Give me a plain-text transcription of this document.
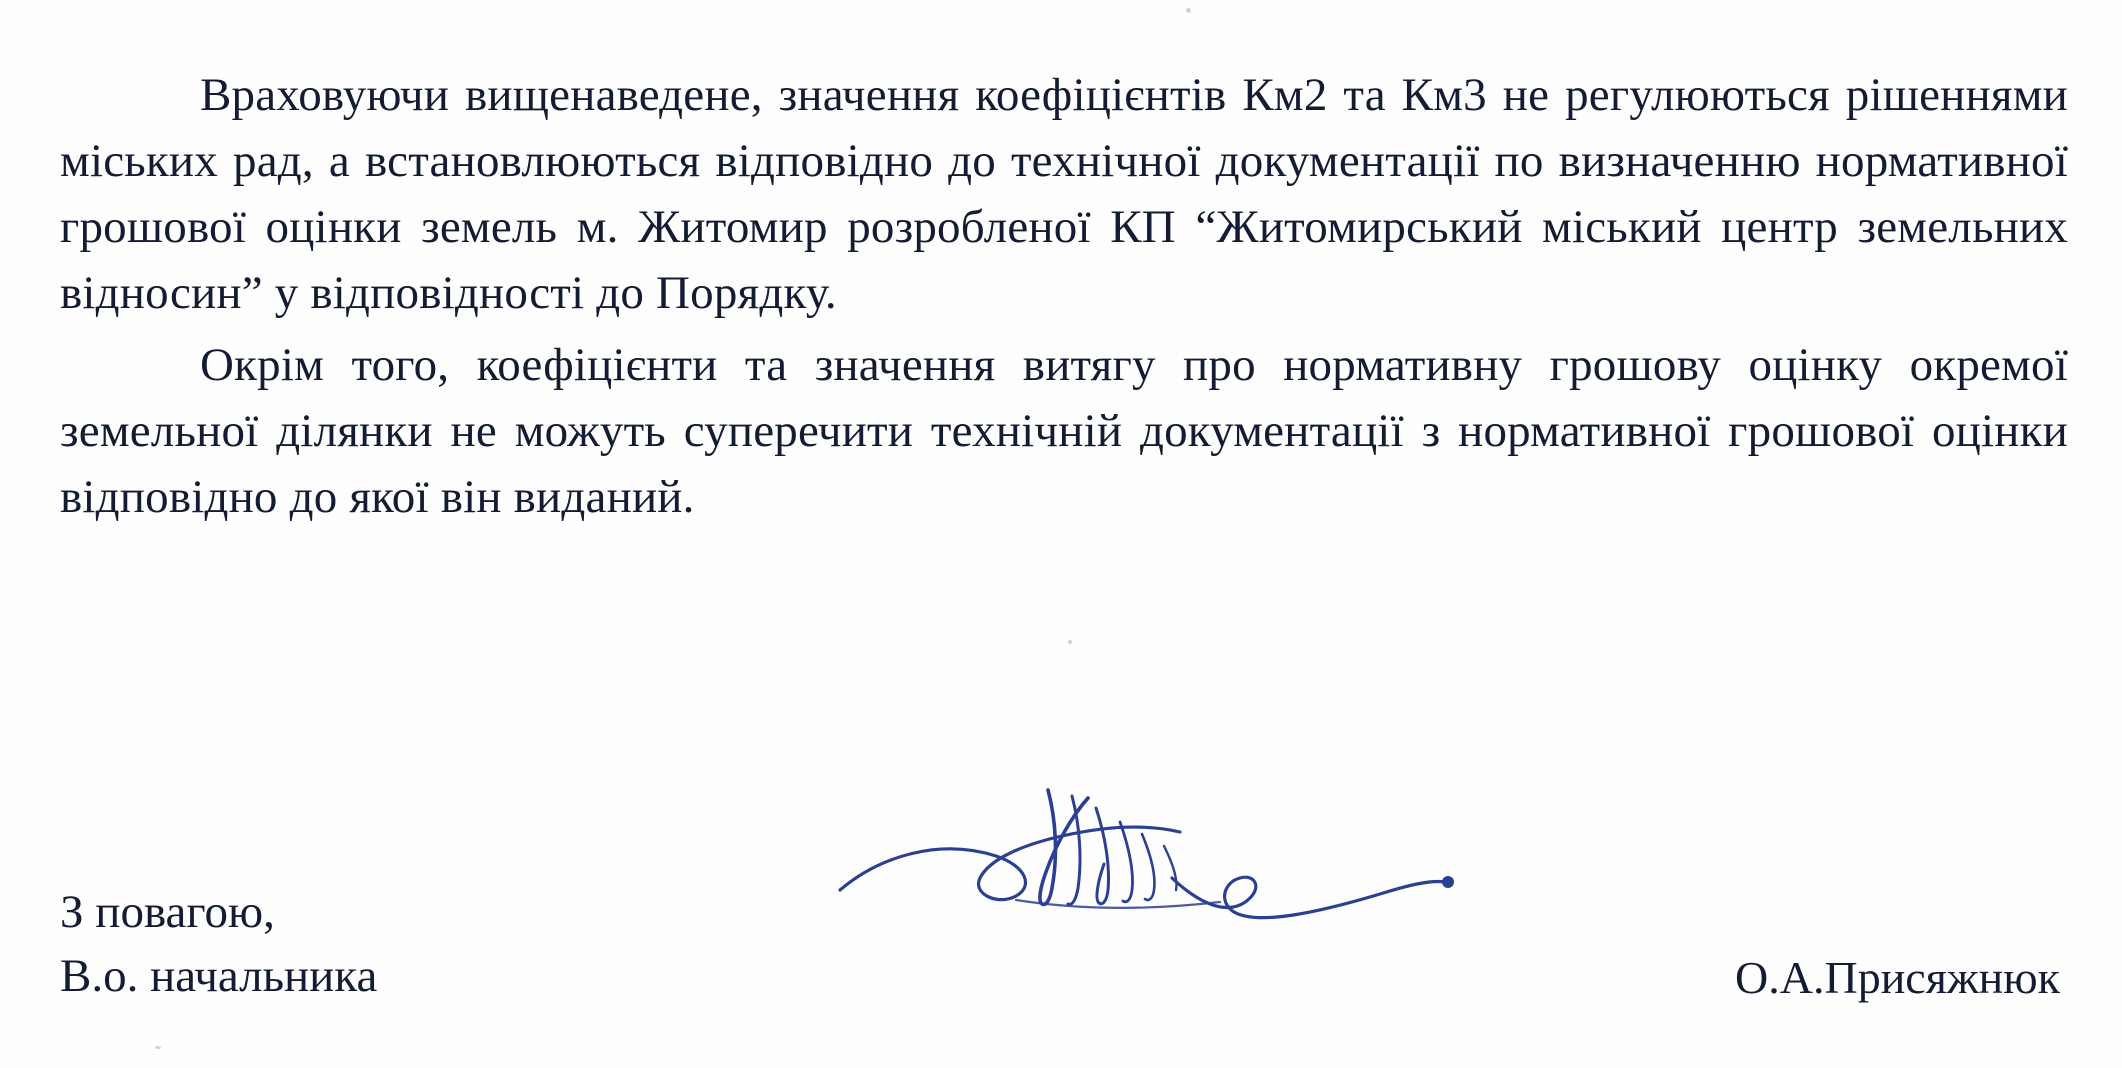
Враховуючи вищенаведене, значення коефіцієнтів Км2 та Км3 не регулюються рішеннями міських рад, а встановлюються відповідно до технічної документації по визначенню нормативної грошової оцінки земель м. Житомир розробленої КП “Житомирський міський центр земельних відносин” у відповідності до Порядку.

Окрім того, коефіцієнти та значення витягу про нормативну грошову оцінку окремої земельної ділянки не можуть суперечити технічній документації з нормативної грошової оцінки відповідно до якої він виданий.

З повагою,
В.о. начальника	О.А.Присяжнюк
